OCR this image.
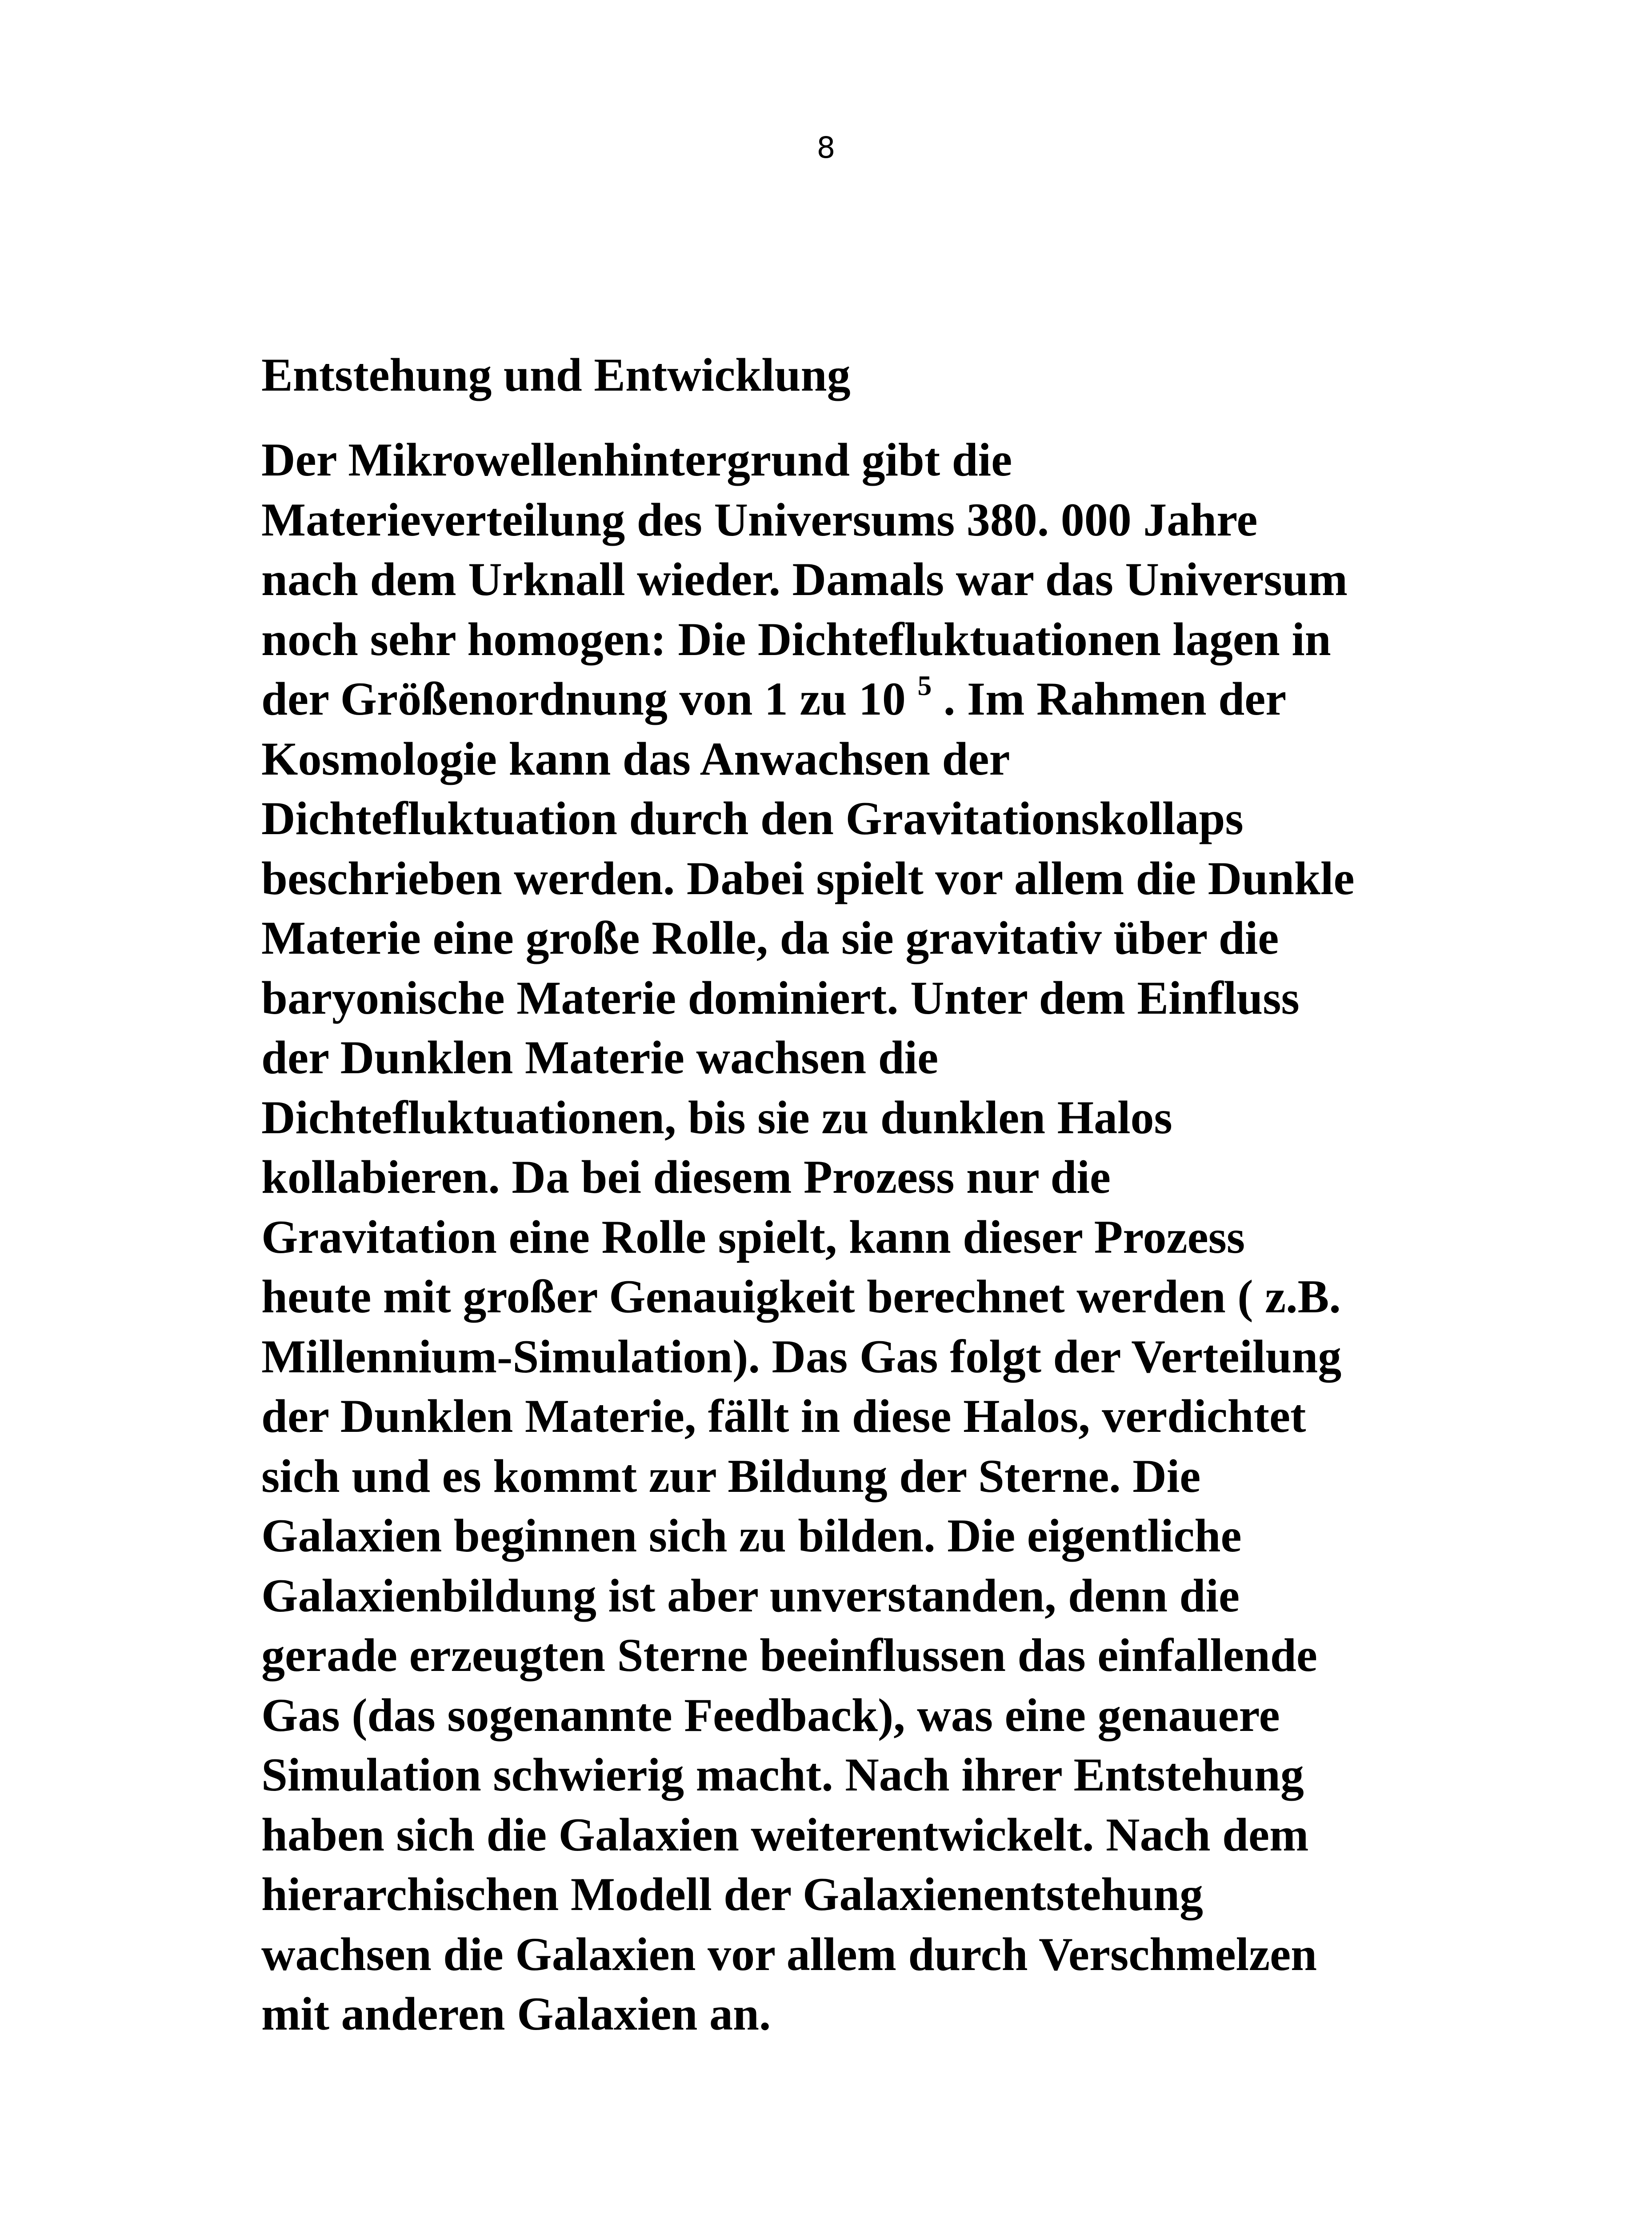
8
Entstehung und Entwicklung
Der Mikrowellenhintergrund gibt die
Materieverteilung des Universums 380. 000 Jahre
nach dem Urknall wieder. Damals war das Universum
noch sehr homogen: Die Dichtefluktuationen lagen in
der Größenordnung von 1 zu 10 $^5$ . Im Rahmen der
Kosmologie kann das Anwachsen der
Dichtefluktuation durch den Gravitationskollaps
beschrieben werden. Dabei spielt vor allem die Dunkle
Materie eine große Rolle, da sie gravitativ über die
baryonische Materie dominiert. Unter dem Einfluss
der Dunklen Materie wachsen die
Dichtefluktuationen, bis sie zu dunklen Halos
kollabieren. Da bei diesem Prozess nur die
Gravitation eine Rolle spielt, kann dieser Prozess
heute mit großer Genauigkeit berechnet werden ( z.B.
Millennium-Simulation). Das Gas folgt der Verteilung
der Dunklen Materie, fällt in diese Halos, verdichtet
sich und es kommt zur Bildung der Sterne. Die
Galaxien beginnen sich zu bilden. Die eigentliche
Galaxienbildung ist aber unverstanden, denn die
gerade erzeugten Sterne beeinflussen das einfallende
Gas (das sogenannte Feedback), was eine genauere
Simulation schwierig macht. Nach ihrer Entstehung
haben sich die Galaxien weiterentwickelt. Nach dem
hierarchischen Modell der Galaxienentstehung
wachsen die Galaxien vor allem durch Verschmelzen
mit anderen Galaxien an.
